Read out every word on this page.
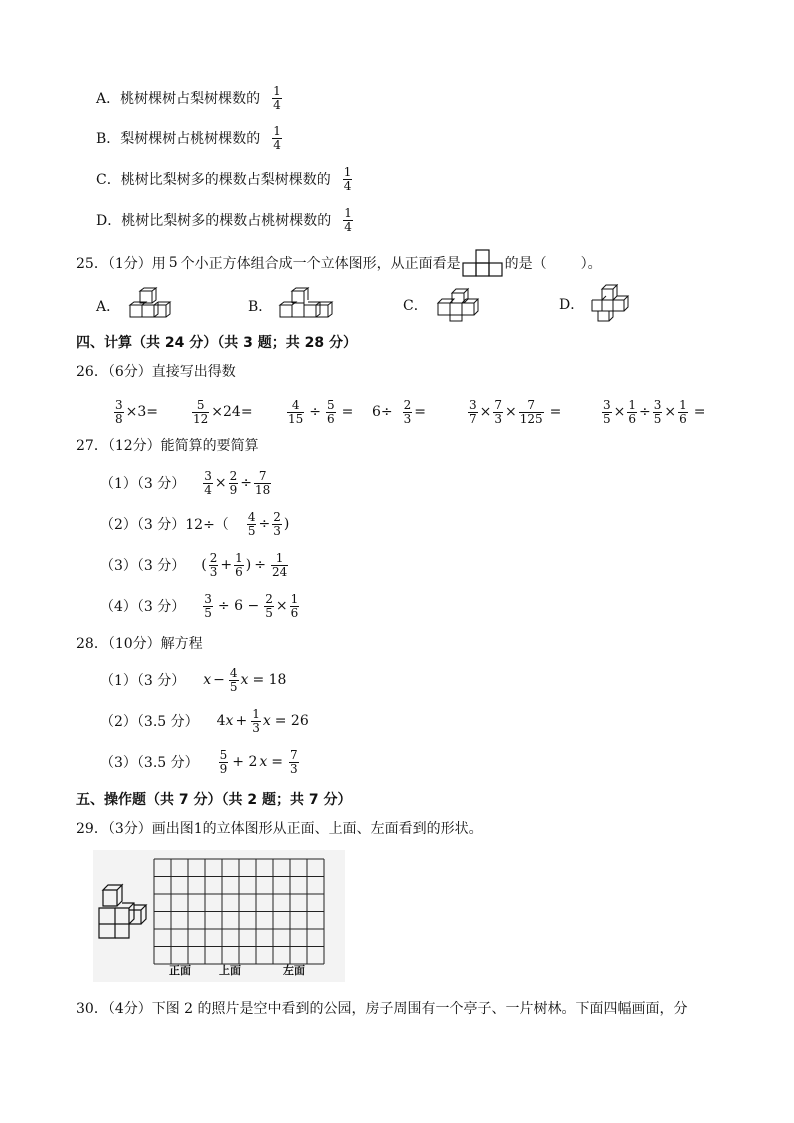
A． 桃树棵树占梨树棵数的 $\frac{1}{4}$
B． 梨树棵树占桃树棵数的 $\frac{1}{4}$
C． 桃树比梨树多的棵数占梨树棵数的 $\frac{1}{4}$
D． 桃树比梨树多的棵数占桃树棵数的 $\frac{1}{4}$
25．（1分）用 5 个小正方体组合成一个立体图形，从正面看是	的是（ ）。
A．	B．	C．	D．
四、计算（共 24 分）（共 3 题；共 28 分）
26．（6分）直接写出得数
$\frac{3}{8} \times 3=$	$\frac{5}{12} \times 24=$	$\frac{4}{15} \div \frac{5}{6} = 6\div \frac{2}{3}$ =	$\frac{3}{7} \times \frac{7}{3} \times \frac{7}{125}$ =	$\frac{3}{5} \times \frac{1}{6} \div \frac{3}{5} \times \frac{1}{6}$ =
27．（12分）能简算的要简算
（1）（3 分） $\frac{3}{4} \times \frac{2}{9} \div \frac{7}{18}$
（2）（3 分）$12\div( \frac{4}{5} \div \frac{2}{3}$ )
（3）（3 分） ( $\frac{2}{3} + \frac{1}{6}$ ) ÷ $\frac{1}{24}$
（4）（3 分） $\frac{3}{5} \div 6 - \frac{2}{5} \times \frac{1}{6}$
28．（10分）解方程
（1）（3 分） $x - \frac{4}{5}$ x = 18
（2）（3.5 分） 4 $x + \frac{1}{3}$ x = 26
（3）（3.5 分） $\frac{5}{9} + 2$ $x = \frac{7}{3}$
五、操作题（共 7 分）（共 2 题；共 7 分）
29．（3分）画出图1的立体图形从正面、上面、左面看到的形状。
正面	上面	左面
30．（4分）下图 2 的照片是空中看到的公园，房子周围有一个亭子、一片树林。下面四幅画面，分
